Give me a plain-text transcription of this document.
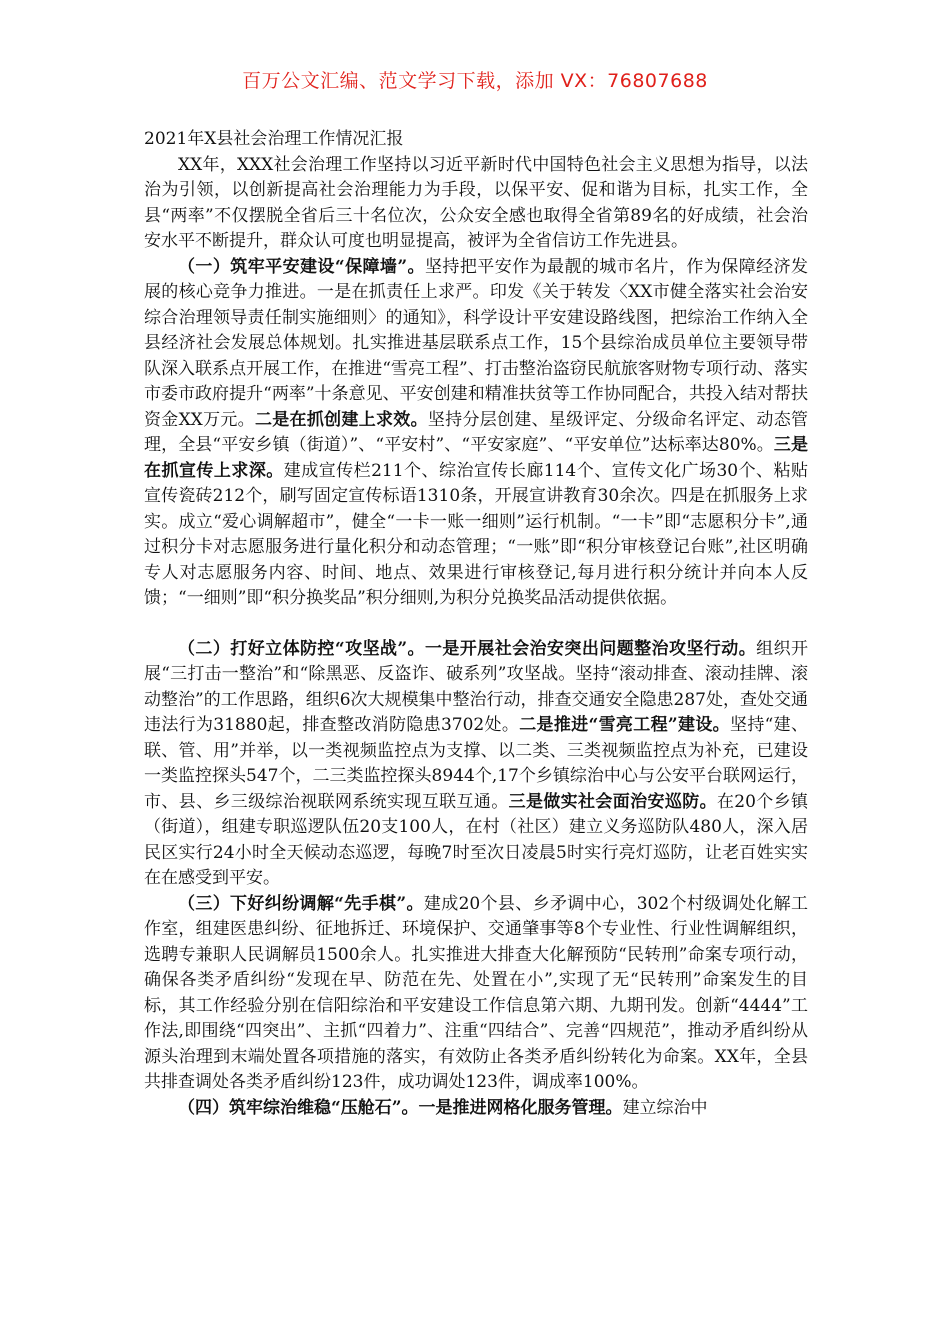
百万公文汇编、范文学习下载，添加 VX：76807688

2021年X县社会治理工作情况汇报

XX年，XXX社会治理工作坚持以习近平新时代中国特色社会主义思想为指导，以法治为引领，以创新提高社会治理能力为手段，以保平安、促和谐为目标，扎实工作，全县“两率”不仅摆脱全省后三十名位次，公众安全感也取得全省第89名的好成绩，社会治安水平不断提升，群众认可度也明显提高，被评为全省信访工作先进县。

（一）筑牢平安建设“保障墙”。坚持把平安作为最靓的城市名片，作为保障经济发展的核心竞争力推进。一是在抓责任上求严。印发《关于转发〈XX市健全落实社会治安综合治理领导责任制实施细则〉的通知》，科学设计平安建设路线图，把综治工作纳入全县经济社会发展总体规划。扎实推进基层联系点工作，15个县综治成员单位主要领导带队深入联系点开展工作，在推进“雪亮工程”、打击整治盗窃民航旅客财物专项行动、落实市委市政府提升“两率”十条意见、平安创建和精准扶贫等工作协同配合，共投入结对帮扶资金XX万元。二是在抓创建上求效。坚持分层创建、星级评定、分级命名评定、动态管理，全县“平安乡镇（街道）”、“平安村”、“平安家庭”、“平安单位”达标率达80%。三是在抓宣传上求深。建成宣传栏211个、综治宣传长廊114个、宣传文化广场30个、粘贴宣传瓷砖212个，刷写固定宣传标语1310条，开展宣讲教育30余次。四是在抓服务上求实。成立“爱心调解超市”，健全“一卡一账一细则”运行机制。“一卡”即“志愿积分卡”,通过积分卡对志愿服务进行量化积分和动态管理；“一账”即“积分审核登记台账”,社区明确专人对志愿服务内容、时间、地点、效果进行审核登记,每月进行积分统计并向本人反馈；“一细则”即“积分换奖品”积分细则,为积分兑换奖品活动提供依据。

（二）打好立体防控“攻坚战”。一是开展社会治安突出问题整治攻坚行动。组织开展“三打击一整治”和“除黑恶、反盗诈、破系列”攻坚战。坚持“滚动排查、滚动挂牌、滚动整治”的工作思路，组织6次大规模集中整治行动，排查交通安全隐患287处，查处交通违法行为31880起，排查整改消防隐患3702处。二是推进“雪亮工程”建设。坚持“建、联、管、用”并举，以一类视频监控点为支撑、以二类、三类视频监控点为补充，已建设一类监控探头547个，二三类监控探头8944个,17个乡镇综治中心与公安平台联网运行，市、县、乡三级综治视联网系统实现互联互通。三是做实社会面治安巡防。在20个乡镇（街道），组建专职巡逻队伍20支100人，在村（社区）建立义务巡防队480人，深入居民区实行24小时全天候动态巡逻，每晚7时至次日凌晨5时实行亮灯巡防，让老百姓实实在在感受到平安。

（三）下好纠纷调解“先手棋”。建成20个县、乡矛调中心，302个村级调处化解工作室，组建医患纠纷、征地拆迁、环境保护、交通肇事等8个专业性、行业性调解组织，选聘专兼职人民调解员1500余人。扎实推进大排查大化解预防“民转刑”命案专项行动，确保各类矛盾纠纷“发现在早、防范在先、处置在小”,实现了无“民转刑”命案发生的目标，其工作经验分别在信阳综治和平安建设工作信息第六期、九期刊发。创新“4444”工作法,即围绕“四突出”、主抓“四着力”、注重“四结合”、完善“四规范”，推动矛盾纠纷从源头治理到末端处置各项措施的落实，有效防止各类矛盾纠纷转化为命案。XX年，全县共排查调处各类矛盾纠纷123件，成功调处123件，调成率100%。

（四）筑牢综治维稳“压舱石”。一是推进网格化服务管理。建立综治中
